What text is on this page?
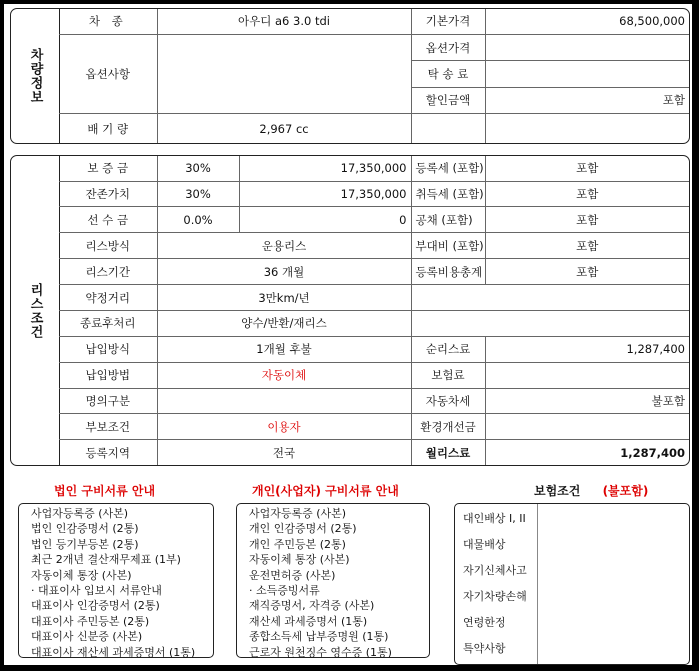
차량정보
차 종	아우디 a6 3.0 tdi	기본가격	68,500,000
옵션사항		옵션가격	
		탁 송 료	
		할인금액	포함
배 기 량	2,967 cc		
리스조건
보 증 금	30%	17,350,000	등록세 (포함)	포함
잔존가치	30%	17,350,000	취득세 (포함)	포함
선 수 금	0.0%	0	공채 (포함)	포함
리스방식	운용리스		부대비 (포함)	포함
리스기간	36 개월		등록비용총계	포함
약정거리	3만km/년			
종료후처리	양수/반환/재리스			
납입방식	1개월 후불		순리스료	1,287,400
납입방법	자동이체		보험료	
명의구분			자동차세	불포함
부보조건	이용자		환경개선금	
등록지역	전국		월리스료	1,287,400
법인 구비서류 안내	개인(사업자) 구비서류 안내	보험조건 (불포함)
사업자등록증 (사본)
법인 인감증명서 (2통)
법인 등기부등본 (2통)
최근 2개년 결산재무제표 (1부)
자동이체 통장 (사본)
· 대표이사 입보시 서류안내
대표이사 인감증명서 (2통)
대표이사 주민등본 (2통)
대표이사 신분증 (사본)
대표이사 재산세 과세증명서 (1통)
사업자등록증 (사본)
개인 인감증명서 (2통)
개인 주민등본 (2통)
자동이체 통장 (사본)
운전면허증 (사본)
· 소득증빙서류
재직증명서, 자격증 (사본)
재산세 과세증명서 (1통)
종합소득세 납부증명원 (1통)
근로자 원천징수 영수증 (1통)
대인배상 I, II
대물배상
자기신체사고
자기차량손해
연령한정
특약사항
